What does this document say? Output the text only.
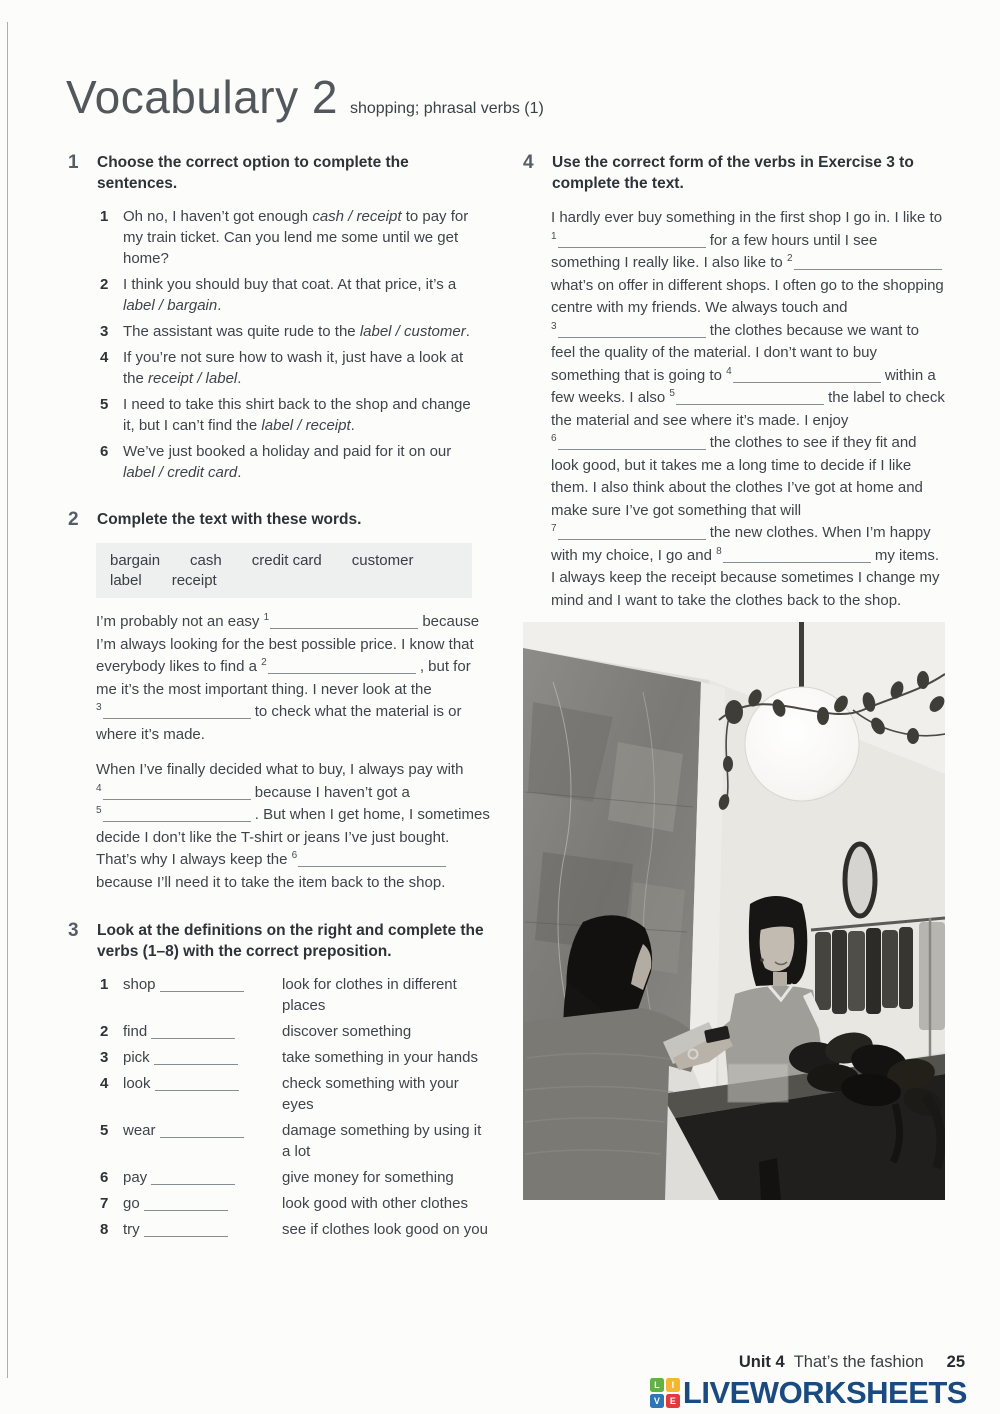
Vocabulary 2 shopping; phrasal verbs (1)
1	Choose the correct option to complete the sentences.
1 Oh no, I haven’t got enough cash / receipt to pay for my train ticket. Can you lend me some until we get home?
2 I think you should buy that coat. At that price, it’s a label / bargain.
3 The assistant was quite rude to the label / customer.
4 If you’re not sure how to wash it, just have a look at the receipt / label.
5 I need to take this shirt back to the shop and change it, but I can’t find the label / receipt.
6 We’ve just booked a holiday and paid for it on our label / credit card.
2	Complete the text with these words.
bargain cash credit card customer
label receipt

I’m probably not an easy $^1$	because I’m always looking for the best possible price. I know that everybody likes to find a $^2$	, but for me it’s the most important thing. I never look at the $^3$	to check what the material is or where it’s made.

When I’ve finally decided what to buy, I always pay with $^4$	because I haven’t got a $^5$	. But when I get home, I sometimes decide I don’t like the T-shirt or jeans I’ve just bought. That’s why I always keep the $^6$ because I’ll need it to take the item back to the shop.

3	Look at the definitions on the right and complete the verbs (1–8) with the correct preposition.
1 shop	look for clothes in different places
2 find	discover something
3 pick	take something in your hands
4 look	check something with your eyes
5 wear	damage something by using it a lot
6 pay	give money for something
7 go	look good with other clothes
8 try	see if clothes look good on you
4	Use the correct form of the verbs in Exercise 3 to complete the text.

I hardly ever buy something in the first shop I go in. I like to $^1$	for a few hours until I see something I really like. I also like to $^2$ what’s on offer in different shops. I often go to the shopping centre with my friends. We always touch and $^3$	the clothes because we want to feel the quality of the material. I don’t want to buy something that is going to $^4$	within a few weeks. I also $^5$	the label to check the material and see where it’s made. I enjoy $^6$	the clothes to see if they fit and look good, but it takes me a long time to decide if I like them. I also think about the clothes I’ve got at home and make sure I’ve got something that will $^7$	the new clothes. When I’m happy with my choice, I go and $^8$	my items. I always keep the receipt because sometimes I change my mind and I want to take the clothes back to the shop.

Unit 4 That’s the fashion 25
L	I
V	E LIVEWORKSHEETS
